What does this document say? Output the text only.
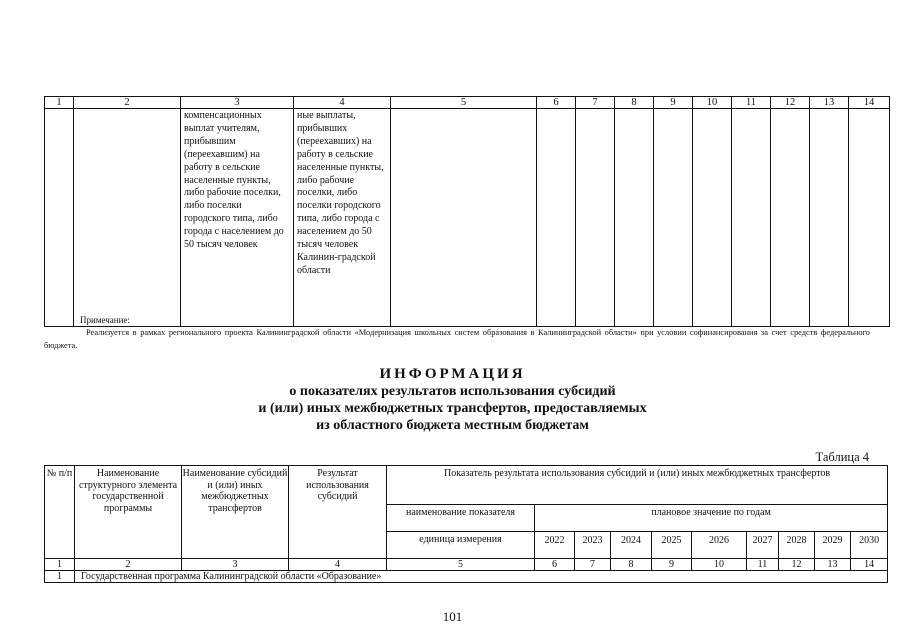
1	2	3	4	5	6	7	8	9	10	11	12	13	14
		компенсационных выплат учителям, прибывшим (переехавшим) на работу в сельские населенные пункты, либо рабочие поселки, либо поселки городского типа, либо города с населением до 50 тысяч человек	ные выплаты, прибывших (переехавших) на работу в сельские населенные пункты, либо рабочие поселки, либо поселки городского типа, либо города с населением до 50 тысяч человек Калинин-градской области										
Примечание:
Реализуется в рамках регионального проекта Калининградской области «Модернизация школьных систем образования в Калининградской области» при условии софинансирования за счет средств федерального бюджета.
ИНФОРМАЦИЯ
о показателях результатов использования субсидий
и (или) иных межбюджетных трансфертов, предоставляемых
из областного бюджета местным бюджетам
Таблица 4
№ п/п	Наименование структурного элемента государственной программы	Наименование субсидий и (или) иных межбюджетных трансфертов	Результат использования субсидий	Показатель результата использования субсидий и (или) иных межбюджетных трансфертов									
				наименование показателя	плановое значение по годам								
				единица измерения	2022	2023	2024	2025	2026	2027	2028	2029	2030
1	2	3	4	5	6	7	8	9	10	11	12	13	14
1	Государственная программа Калининградской области «Образование»												
101
